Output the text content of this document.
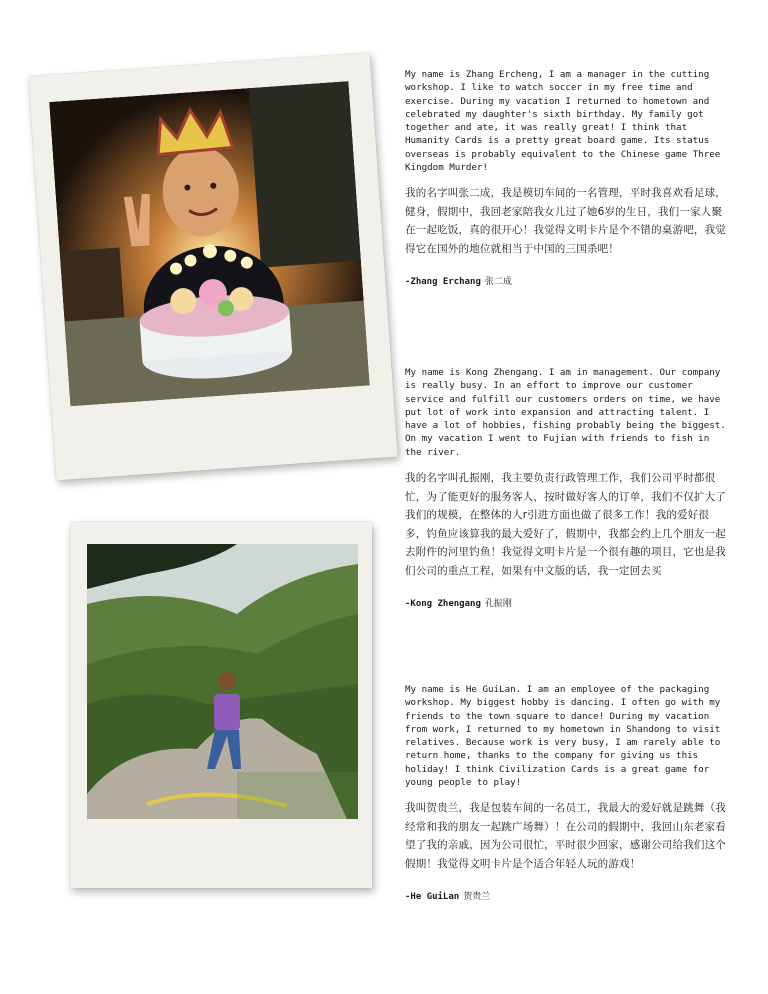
My name is Zhang Ercheng, I am a manager in the cutting workshop. I like to watch soccer in my free time and exercise. During my vacation I returned to hometown and celebrated my daughter's sixth birthday. My family got together and ate, it was really great! I think that Humanity Cards is a pretty great board game. Its status overseas is probably equivalent to the Chinese game Three Kingdom Murder!

我的名字叫张二成，我是模切车间的一名管理，平时我喜欢看足球，健身，假期中，我回老家陪我女儿过了她6岁的生日，我们一家人聚在一起吃饭，真的很开心！我觉得文明卡片是个不错的桌游吧，我觉得它在国外的地位就相当于中国的三国杀吧！

-Zhang Erchang 张二成

My name is Kong Zhengang. I am in management. Our company is really busy. In an effort to improve our customer service and fulfill our customers orders on time, we have put lot of work into expansion and attracting talent. I have a lot of hobbies, fishing probably being the biggest. On my vacation I went to Fujian with friends to fish in the river.

我的名字叫孔振刚，我主要负责行政管理工作，我们公司平时都很忙，为了能更好的服务客人，按时做好客人的订单，我们不仅扩大了我们的规模，在整体的人r引进方面也做了很多工作！我的爱好很多，钓鱼应该算我的最大爱好了，假期中，我都会约上几个朋友一起去附件的河里钓鱼！我觉得文明卡片是一个很有趣的项目，它也是我们公司的重点工程，如果有中文版的话，我一定回去买

-Kong Zhengang 孔振刚

My name is He GuiLan. I am an employee of the packaging workshop. My biggest hobby is dancing. I often go with my friends to the town square to dance! During my vacation from work, I returned to my hometown in Shandong to visit relatives. Because work is very busy, I am rarely able to return home, thanks to the company for giving us this holiday! I think Civilization Cards is a great game for young people to play!

我叫贺贵兰，我是包装车间的一名员工，我最大的爱好就是跳舞（我经常和我的朋友一起跳广场舞）！在公司的假期中，我回山东老家看望了我的亲戚，因为公司很忙，平时很少回家，感谢公司给我们这个假期！我觉得文明卡片是个适合年轻人玩的游戏！

-He GuiLan 贺贵兰
